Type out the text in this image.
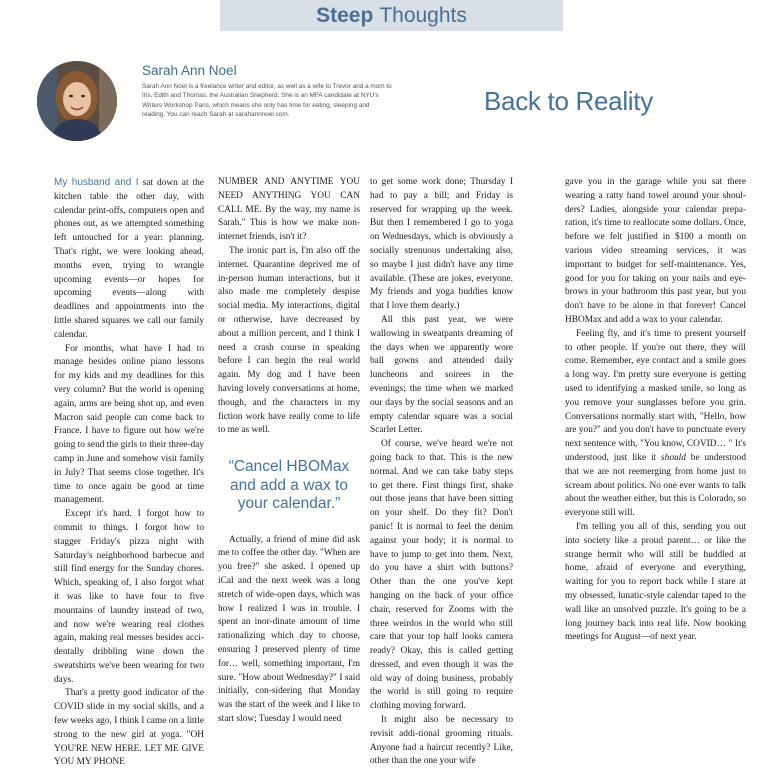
Steep Thoughts
Sarah Ann Noel
Sarah Ann Noel is a freelance writer and editor, as well as a wife to Trevor and a mom to Iris, Edith and Thomas, the Australian Shepherd. She is an MFA candidate at NYU's Writers Workshop Paris, which means she only has time for eating, sleeping and reading. You can reach Sarah at sarahannnoel.com.	Back to Reality

My husband and I sat down at the kitchen table the other day, with calendar print-offs, computers open and phones out, as we attempted something left untouched for a year: planning. That's right, we were looking ahead, months even, trying to wrangle upcoming events—or hopes for upcoming events—along with deadlines and appointments into the little shared squares we call our family calendar.

For months, what have I had to manage besides online piano lessons for my kids and my deadlines for this very column? But the world is opening again, arms are being shot up, and even Macron said people can come back to France. I have to figure out how we're going to send the girls to their three-day camp in June and somehow visit family in July? That seems close together. It's time to once again be good at time management.

Except it's hard. I forgot how to commit to things. I forgot how to stagger Friday's pizza night with Saturday's neighborhood barbecue and still find energy for the Sunday chores. Which, speaking of, I also forgot what it was like to have four to five mountains of laundry instead of two, and now we're wearing real clothes again, making real messes besides acci-dentally dribbling wine down the sweatshirts we've been wearing for two days.

That's a pretty good indicator of the COVID slide in my social skills, and a few weeks ago, I think I came on a little strong to the new girl at yoga. "OH YOU'RE NEW HERE. LET ME GIVE YOU MY PHONE

NUMBER AND ANYTIME YOU NEED ANYTHING YOU CAN CALL ME. By the way, my name is Sarah." This is how we make non-internet friends, isn't it?

The ironic part is, I'm also off the internet. Quarantine deprived me of in-person human interactions, but it also made me completely despise social media. My interactions, digital or otherwise, have decreased by about a million percent, and I think I need a crash course in speaking before I can begin the real world again. My dog and I have been having lovely conversations at home, though, and the characters in my fiction work have really come to life to me as well.

“Cancel HBOMax and add a wax to your calendar.”

Actually, a friend of mine did ask me to coffee the other day. "When are you free?" she asked. I opened up iCal and the next week was a long stretch of wide-open days, which was how I realized I was in trouble. I spent an inor-dinate amount of time rationalizing which day to choose, ensuring I preserved plenty of time for… well, something important, I'm sure. "How about Wednesday?" I said initially, con-sidering that Monday was the start of the week and I like to start slow; Tuesday I would need

to get some work done; Thursday I had to pay a bill; and Friday is reserved for wrapping up the week. But then I remembered I go to yoga on Wednesdays, which is obviously a socially strenuous undertaking also, so maybe I just didn't have any time available. (These are jokes, everyone. My friends and yoga buddies know that I love them dearly.)

All this past year, we were wallowing in sweatpants dreaming of the days when we apparently wore ball gowns and attended daily luncheons and soirees in the evenings; the time when we marked our days by the social seasons and an empty calendar square was a social Scarlet Letter.

Of course, we've heard we're not going back to that. This is the new normal. And we can take baby steps to get there. First things first, shake out those jeans that have been sitting on your shelf. Do they fit? Don't panic! It is normal to feel the denim against your body; it is normal to have to jump to get into them. Next, do you have a shirt with buttons? Other than the one you've kept hanging on the back of your office chair, reserved for Zooms with the three weirdos in the world who still care that your top half looks camera ready? Okay, this is called getting dressed, and even though it was the old way of doing business, probably the world is still going to require clothing moving forward.

It might also be necessary to revisit addi-tional grooming rituals. Anyone had a haircut recently? Like, other than the one your wife

gave you in the garage while you sat there wearing a ratty hand towel around your shoul-ders? Ladies, alongside your calendar prepa-ration, it's time to reallocate some dollars. Once, before we felt justified in $100 a month on various video streaming services, it was important to budget for self-maintenance. Yes, good for you for taking on your nails and eye-brows in your bathroom this past year, but you don't have to be alone in that forever! Cancel HBOMax and add a wax to your calendar.

Feeling fly, and it's time to present yourself to other people. If you're out there, they will come. Remember, eye contact and a smile goes a long way. I'm pretty sure everyone is getting used to identifying a masked smile, so long as you remove your sunglasses before you grin. Conversations normally start with, "Hello, how are you?" and you don't have to punctuate every next sentence with, "You know, COVID… " It's understood, just like it should be understood that we are not reemerging from home just to scream about politics. No one ever wants to talk about the weather either, but this is Colorado, so everyone still will.

I'm telling you all of this, sending you out into society like a proud parent… or like the strange hermit who will still be huddled at home, afraid of everyone and everything, waiting for you to report back while I stare at my obsessed, lunatic-style calendar taped to the wall like an unsolved puzzle. It's going to be a long journey back into real life. Now booking meetings for August—of next year.
